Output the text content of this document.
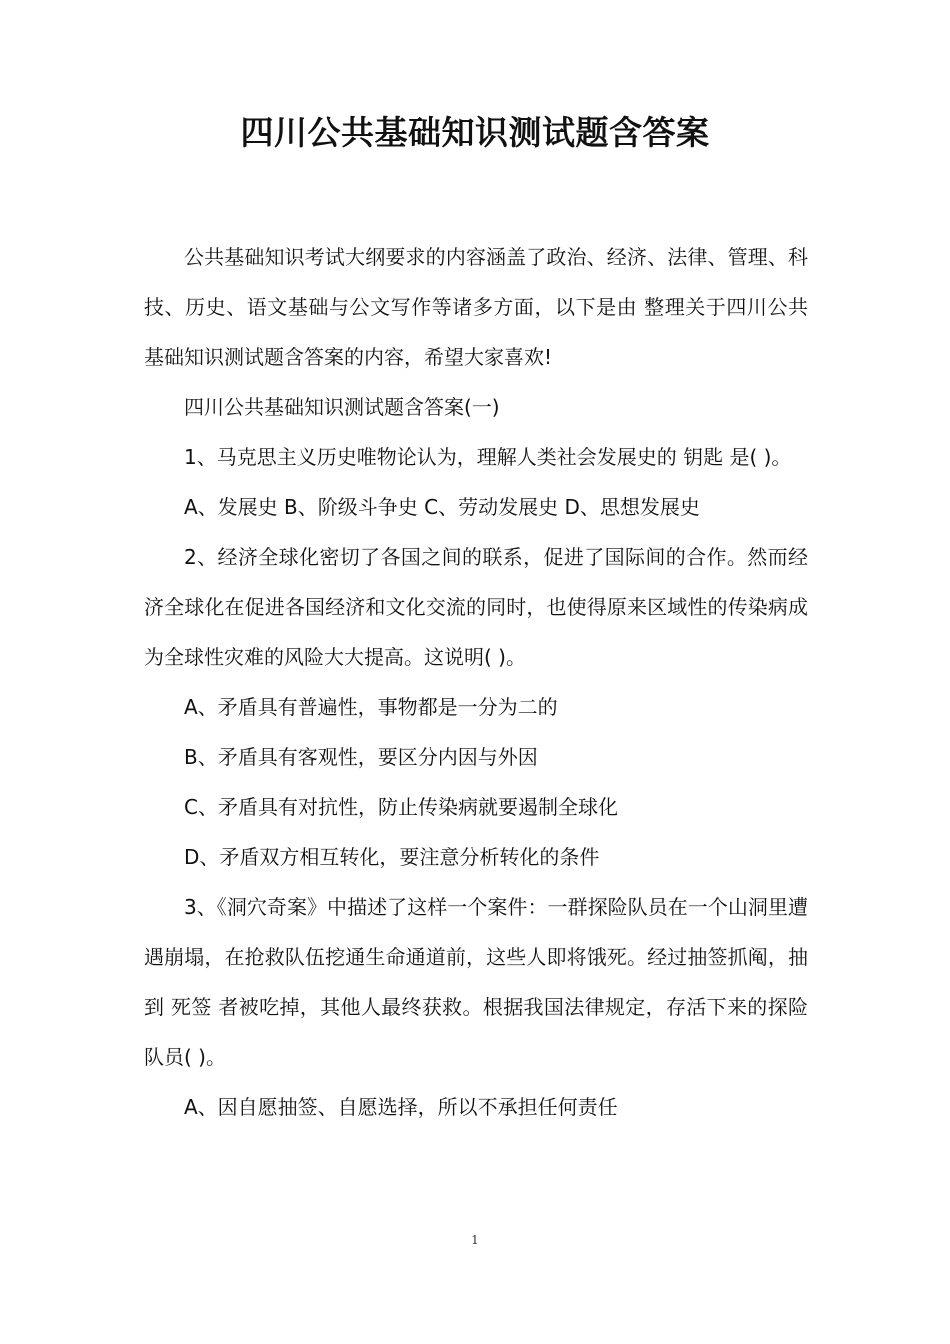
四川公共基础知识测试题含答案

公共基础知识考试大纲要求的内容涵盖了政治、经济、法律、管理、科技、历史、语文基础与公文写作等诸多方面，以下是由 整理关于四川公共基础知识测试题含答案的内容，希望大家喜欢!

四川公共基础知识测试题含答案(一)

1、马克思主义历史唯物论认为，理解人类社会发展史的 钥匙 是( )。

A、发展史 B、阶级斗争史 C、劳动发展史 D、思想发展史

2、经济全球化密切了各国之间的联系，促进了国际间的合作。然而经济全球化在促进各国经济和文化交流的同时，也使得原来区域性的传染病成为全球性灾难的风险大大提高。这说明( )。

A、矛盾具有普遍性，事物都是一分为二的

B、矛盾具有客观性，要区分内因与外因

C、矛盾具有对抗性，防止传染病就要遏制全球化

D、矛盾双方相互转化，要注意分析转化的条件

3、《洞穴奇案》中描述了这样一个案件：一群探险队员在一个山洞里遭遇崩塌，在抢救队伍挖通生命通道前，这些人即将饿死。经过抽签抓阄，抽到 死签 者被吃掉，其他人最终获救。根据我国法律规定，存活下来的探险队员( )。

A、因自愿抽签、自愿选择，所以不承担任何责任

1
